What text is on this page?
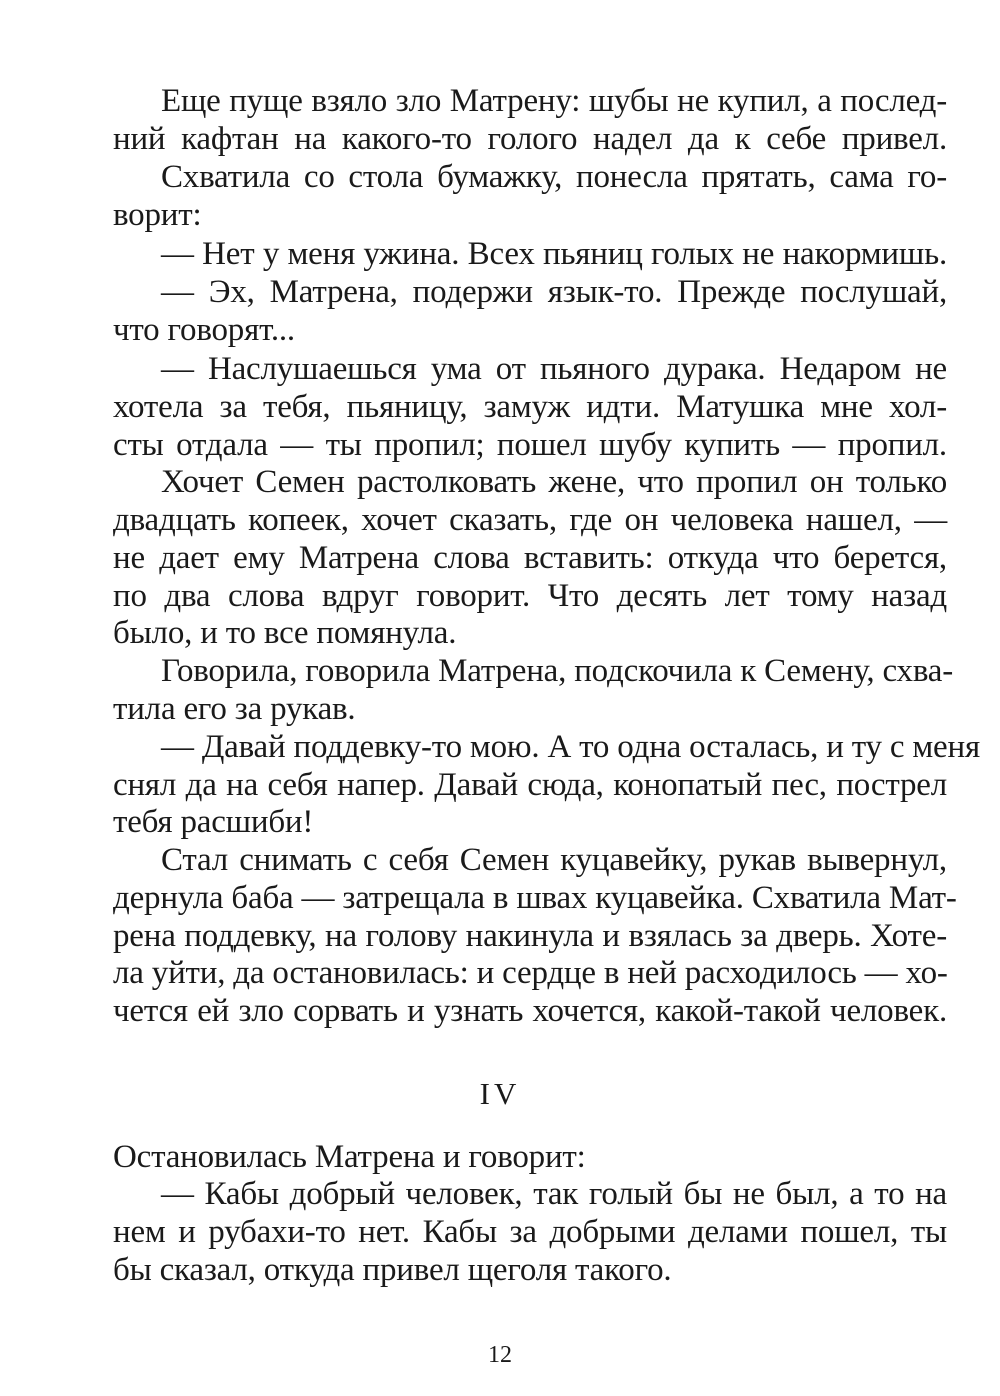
Еще пуще взяло зло Матрену: шубы не купил, а послед-
ний кафтан на какого-то голого надел да к себе привел.
Схватила со стола бумажку, понесла прятать, сама го-
ворит:
— Нет у меня ужина. Всех пьяниц голых не накормишь.
— Эх, Матрена, подержи язык-то. Прежде послушай,
что говорят...
— Наслушаешься ума от пьяного дурака. Недаром не
хотела за тебя, пьяницу, замуж идти. Матушка мне хол-
сты отдала — ты пропил; пошел шубу купить — пропил.
Хочет Семен растолковать жене, что пропил он только
двадцать копеек, хочет сказать, где он человека нашел, —
не дает ему Матрена слова вставить: откуда что берется,
по два слова вдруг говорит. Что десять лет тому назад
было, и то все помянула.
Говорила, говорила Матрена, подскочила к Семену, схва-
тила его за рукав.
— Давай поддевку-то мою. А то одна осталась, и ту с меня
снял да на себя напер. Давай сюда, конопатый пес, пострел
тебя расшиби!
Стал снимать с себя Семен куцавейку, рукав вывернул,
дернула баба — затрещала в швах куцавейка. Схватила Мат-
рена поддевку, на голову накинула и взялась за дверь. Хоте-
ла уйти, да остановилась: и сердце в ней расходилось — хо-
чется ей зло сорвать и узнать хочется, какой-такой человек.
IV
Остановилась Матрена и говорит:
— Кабы добрый человек, так голый бы не был, а то на
нем и рубахи-то нет. Кабы за добрыми делами пошел, ты
бы сказал, откуда привел щеголя такого.
12
